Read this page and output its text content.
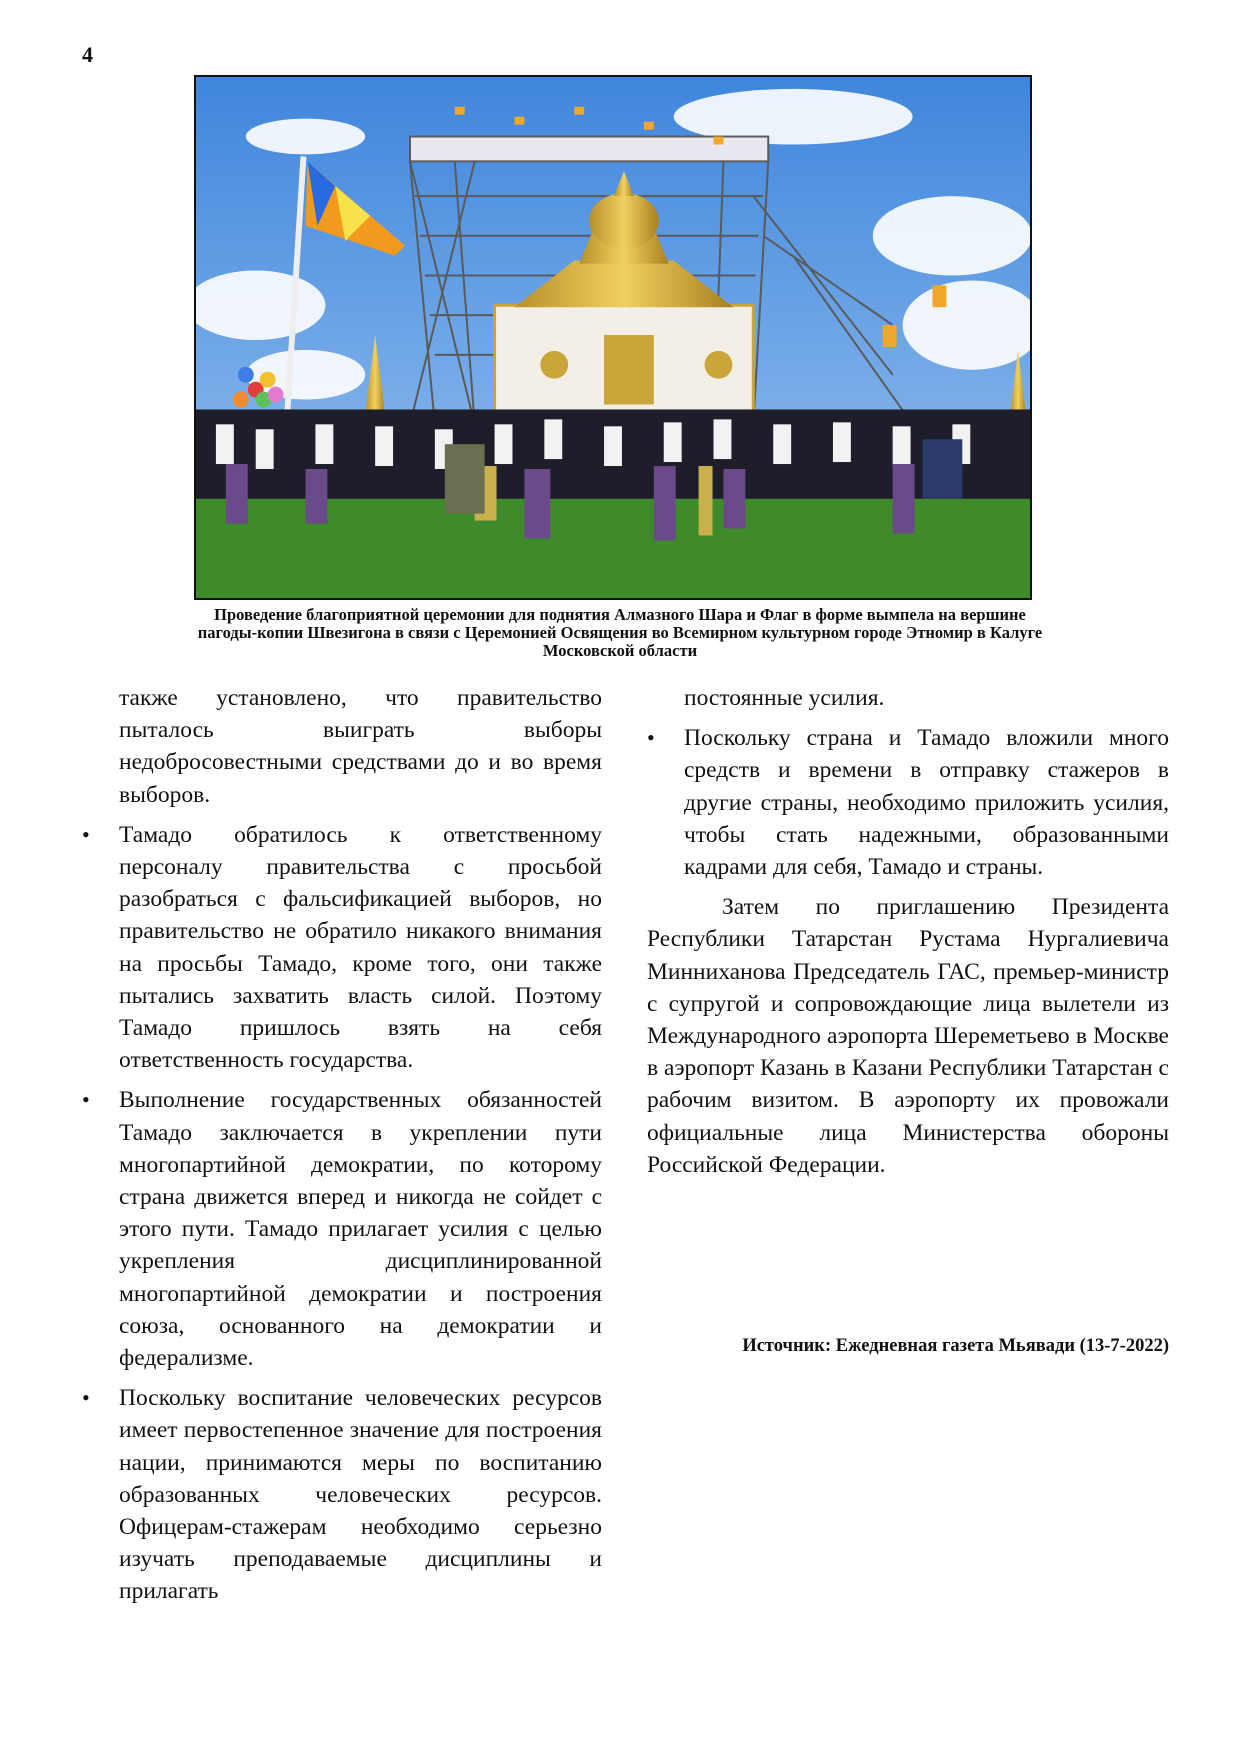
4
Проведение благоприятной церемонии для поднятия Алмазного Шара и Флаг в форме вымпела на вершине
пагоды-копии Швезигона в связи с Церемонией Освящения во Всемирном культурном городе Этномир в Калуге
Московской области

также установлено, что правительство пыталось выиграть выборы недобросовестными средствами до и во время выборов.

• Тамадо обратилось к ответственному персоналу правительства с просьбой разобраться с фальсификацией выборов, но правительство не обратило никакого внимания на просьбы Тамадо, кроме того, они также пытались захватить власть силой. Поэтому Тамадо пришлось взять на себя ответственность государства.
• Выполнение государственных обязанностей Тамадо заключается в укреплении пути многопартийной демократии, по которому страна движется вперед и никогда не сойдет с этого пути. Тамадо прилагает усилия с целью укрепления дисциплинированной многопартийной демократии и построения союза, основанного на демократии и федерализме.
• Поскольку воспитание человеческих ресурсов имеет первостепенное значение для построения нации, принимаются меры по воспитанию образованных человеческих ресурсов. Офицерам-стажерам необходимо серьезно изучать преподаваемые дисциплины и прилагать

постоянные усилия.

• Поскольку страна и Тамадо вложили много средств и времени в отправку стажеров в другие страны, необходимо приложить усилия, чтобы стать надежными, образованными кадрами для себя, Тамадо и страны.

Затем по приглашению Президента Республики Татарстан Рустама Нургалиевича Минниханова Председатель ГАС, премьер-министр с супругой и сопровождающие лица вылетели из Международного аэропорта Шереметьево в Москве в аэропорт Казань в Казани Республики Татарстан с рабочим визитом. В аэропорту их провожали официальные лица Министерства обороны Российской Федерации.

Источник: Ежедневная газета Мьявади (13-7-2022)
